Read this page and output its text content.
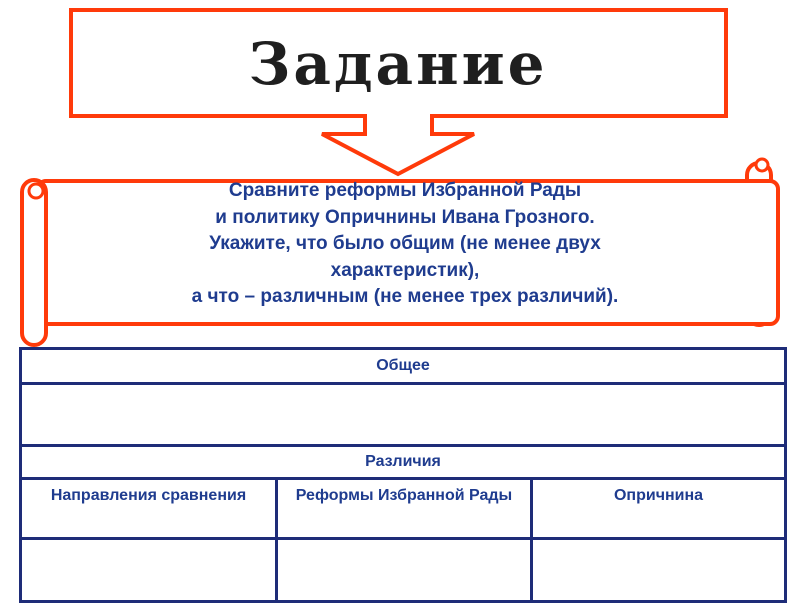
Задание
Сравните реформы Избранной Рады
и политику Опричнины Ивана Грозного.
Укажите, что было общим (не менее двух
характеристик),
а что – различным (не менее трех различий).
Общее		

Различия		
Направления сравнения	Реформы Избранной Рады	Опричнина
